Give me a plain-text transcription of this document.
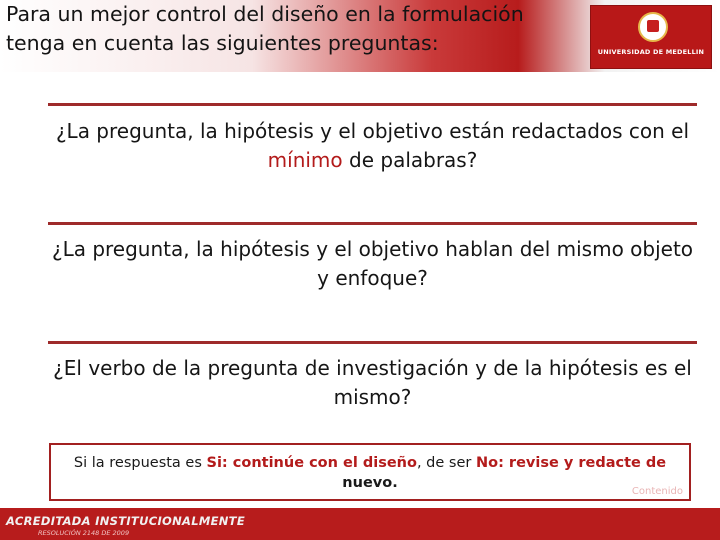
UNIVERSIDAD DE MEDELLIN
Para un mejor control del diseño en la formulación tenga en cuenta las siguientes preguntas:

¿La pregunta, la hipótesis y el objetivo están redactados con el mínimo de palabras?

¿La pregunta, la hipótesis y el objetivo hablan del mismo objeto y enfoque?

¿El verbo de la pregunta de investigación y de la hipótesis es el mismo?

Si la respuesta es Si: continúe con el diseño, de ser No: revise y redacte de
nuevo.
Contenido
ACREDITADA INSTITUCIONALMENTE
RESOLUCIÓN 2148 DE 2009
